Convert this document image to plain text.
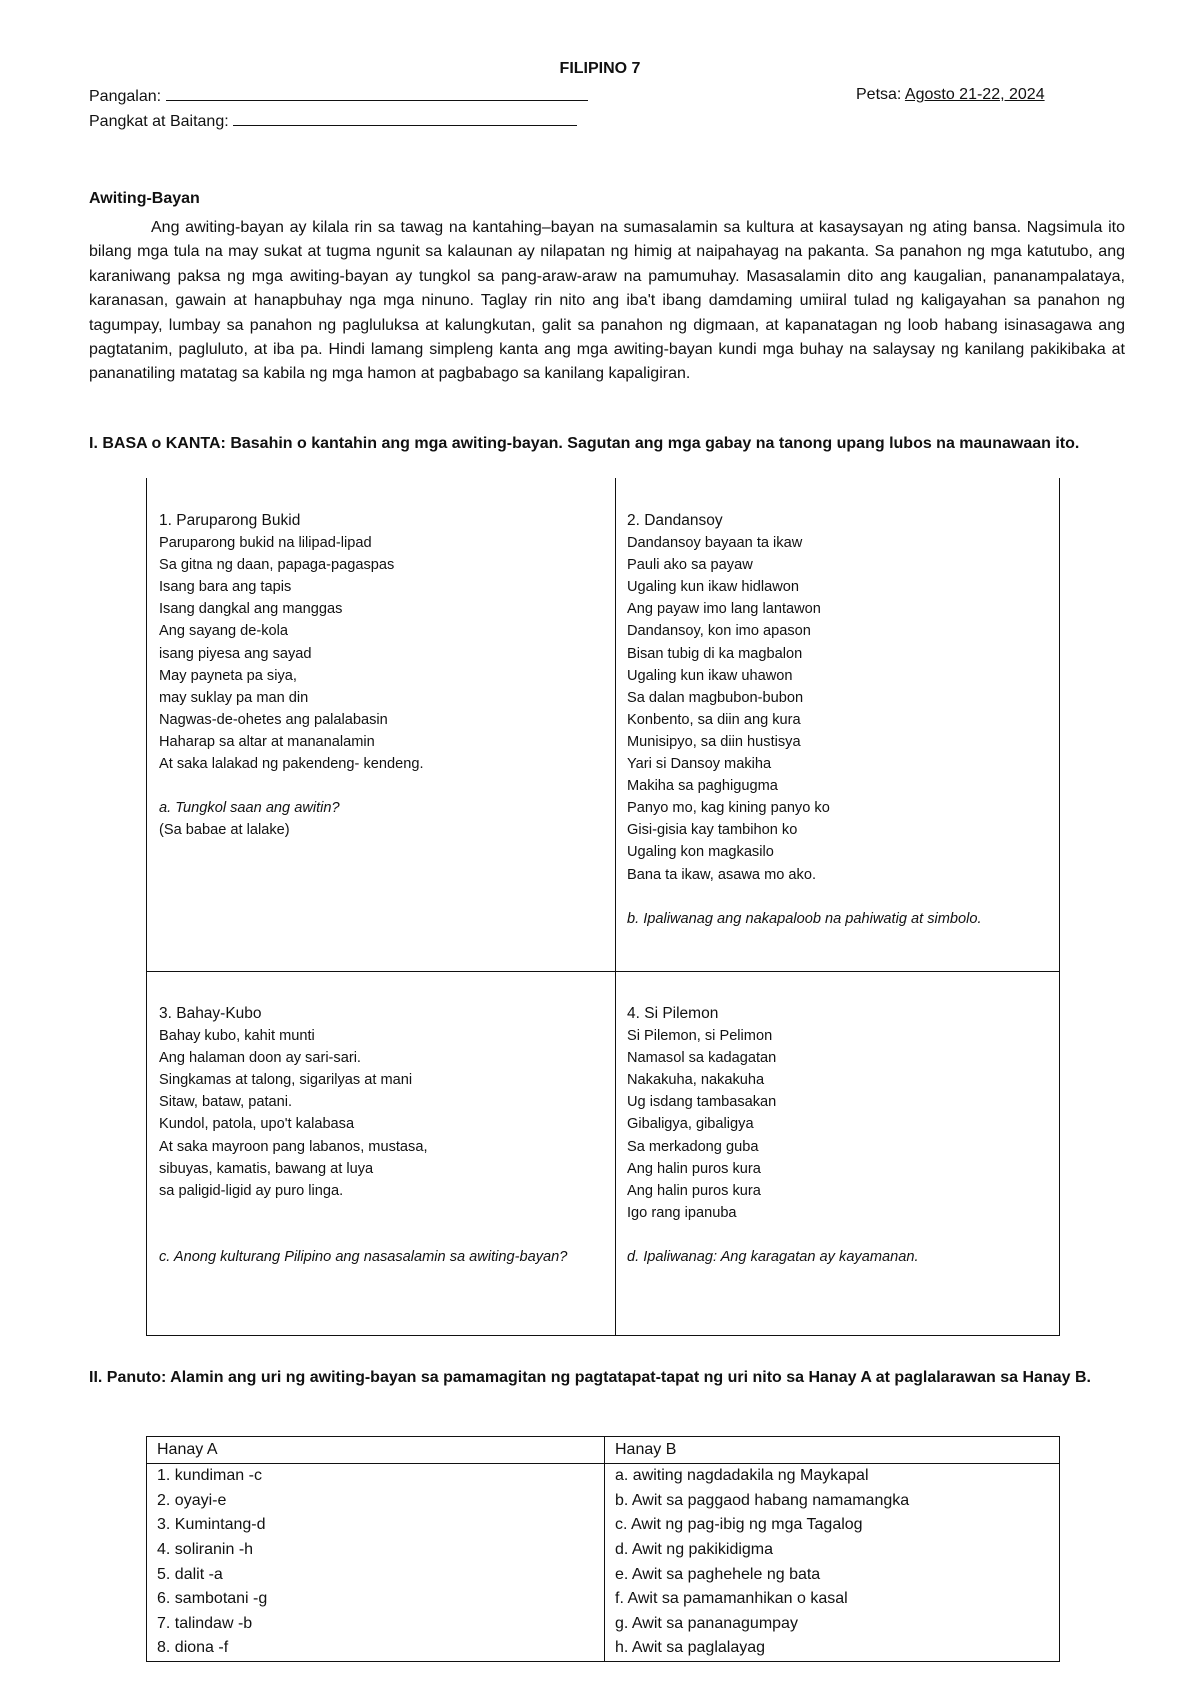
FILIPINO 7
Pangalan:	Petsa: Agosto 21-22, 2024
Pangkat at Baitang:
Awiting-Bayan
Ang awiting-bayan ay kilala rin sa tawag na kantahing–bayan na sumasalamin sa kultura at kasaysayan ng ating bansa. Nagsimula ito bilang mga tula na may sukat at tugma ngunit sa kalaunan ay nilapatan ng himig at naipahayag na pakanta. Sa panahon ng mga katutubo, ang karaniwang paksa ng mga awiting-bayan ay tungkol sa pang-araw-araw na pamumuhay. Masasalamin dito ang kaugalian, pananampalataya, karanasan, gawain at hanapbuhay nga mga ninuno. Taglay rin nito ang iba't ibang damdaming umiiral tulad ng kaligayahan sa panahon ng tagumpay, lumbay sa panahon ng pagluluksa at kalungkutan, galit sa panahon ng digmaan, at kapanatagan ng loob habang isinasagawa ang pagtatanim, pagluluto, at iba pa. Hindi lamang simpleng kanta ang mga awiting-bayan kundi mga buhay na salaysay ng kanilang pakikibaka at pananatiling matatag sa kabila ng mga hamon at pagbabago sa kanilang kapaligiran.
I. BASA o KANTA: Basahin o kantahin ang mga awiting-bayan. Sagutan ang mga gabay na tanong upang lubos na maunawaan ito.
1. Paruparong Bukid
Paruparong bukid na lilipad-lipad
Sa gitna ng daan, papaga-pagaspas
Isang bara ang tapis
Isang dangkal ang manggas
Ang sayang de-kola
isang piyesa ang sayad
May payneta pa siya,
may suklay pa man din
Nagwas-de-ohetes ang palalabasin
Haharap sa altar at mananalamin
At saka lalakad ng pakendeng- kendeng.
a. Tungkol saan ang awitin?
(Sa babae at lalake)
2. Dandansoy
Dandansoy bayaan ta ikaw
Pauli ako sa payaw
Ugaling kun ikaw hidlawon
Ang payaw imo lang lantawon
Dandansoy, kon imo apason
Bisan tubig di ka magbalon
Ugaling kun ikaw uhawon
Sa dalan magbubon-bubon
Konbento, sa diin ang kura
Munisipyo, sa diin hustisya
Yari si Dansoy makiha
Makiha sa paghigugma
Panyo mo, kag kining panyo ko
Gisi-gisia kay tambihon ko
Ugaling kon magkasilo
Bana ta ikaw, asawa mo ako.
b. Ipaliwanag ang nakapaloob na pahiwatig at simbolo.
3. Bahay-Kubo
Bahay kubo, kahit munti
Ang halaman doon ay sari-sari.
Singkamas at talong, sigarilyas at mani
Sitaw, bataw, patani.
Kundol, patola, upo't kalabasa
At saka mayroon pang labanos, mustasa,
sibuyas, kamatis, bawang at luya
sa paligid-ligid ay puro linga.
c. Anong kulturang Pilipino ang nasasalamin sa awiting-bayan?
4. Si Pilemon
Si Pilemon, si Pelimon
Namasol sa kadagatan
Nakakuha, nakakuha
Ug isdang tambasakan
Gibaligya, gibaligya
Sa merkadong guba
Ang halin puros kura
Ang halin puros kura
Igo rang ipanuba
d. Ipaliwanag: Ang karagatan ay kayamanan.
II. Panuto: Alamin ang uri ng awiting-bayan sa pamamagitan ng pagtatapat-tapat ng uri nito sa Hanay A at paglalarawan sa Hanay B.
Hanay A	Hanay B
1. kundiman -c	a. awiting nagdadakila ng Maykapal
2. oyayi-e	b. Awit sa paggaod habang namamangka
3. Kumintang-d	c. Awit ng pag-ibig ng mga Tagalog
4. soliranin -h	d. Awit ng pakikidigma
5. dalit -a	e. Awit sa paghehele ng bata
6. sambotani -g	f. Awit sa pamamanhikan o kasal
7. talindaw -b	g. Awit sa pananagumpay
8. diona -f	h. Awit sa paglalayag
